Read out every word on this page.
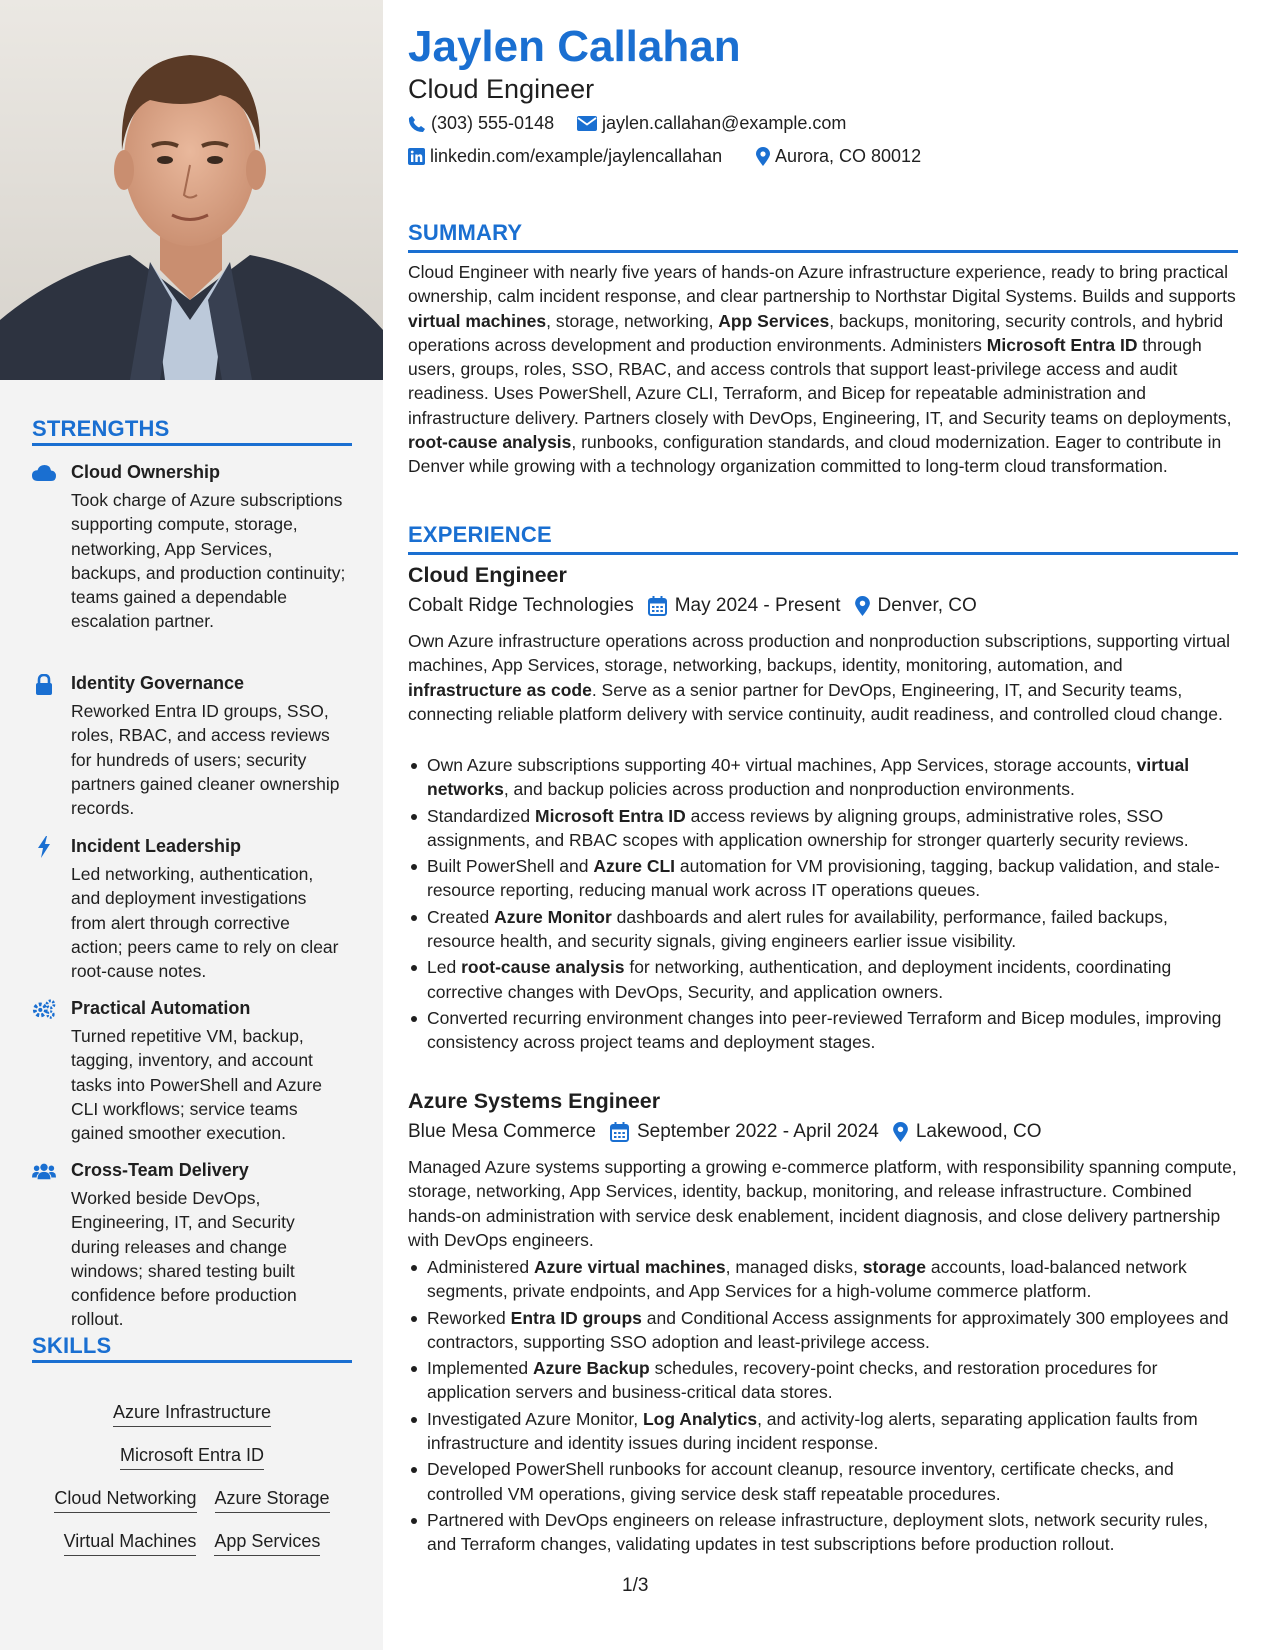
STRENGTHS
Cloud Ownership
Took charge of Azure subscriptions supporting compute, storage, networking, App Services, backups, and production continuity; teams gained a dependable escalation partner.
Identity Governance
Reworked Entra ID groups, SSO, roles, RBAC, and access reviews for hundreds of users; security partners gained cleaner ownership records.
Incident Leadership
Led networking, authentication, and deployment investigations from alert through corrective action; peers came to rely on clear root-cause notes.
Practical Automation
Turned repetitive VM, backup, tagging, inventory, and account tasks into PowerShell and Azure CLI workflows; service teams gained smoother execution.
Cross-Team Delivery
Worked beside DevOps, Engineering, IT, and Security during releases and change windows; shared testing built confidence before production rollout.
SKILLS
Azure Infrastructure
Microsoft Entra ID
Cloud Networking Azure Storage
Virtual Machines App Services
Jaylen Callahan
Cloud Engineer
(303) 555-0148	jaylen.callahan@example.com
linkedin.com/example/jaylencallahan	Aurora, CO 80012
SUMMARY
Cloud Engineer with nearly five years of hands-on Azure infrastructure experience, ready to bring practical ownership, calm incident response, and clear partnership to Northstar Digital Systems. Builds and supports virtual machines, storage, networking, App Services, backups, monitoring, security controls, and hybrid operations across development and production environments. Administers Microsoft Entra ID through users, groups, roles, SSO, RBAC, and access controls that support least-privilege access and audit readiness. Uses PowerShell, Azure CLI, Terraform, and Bicep for repeatable administration and infrastructure delivery. Partners closely with DevOps, Engineering, IT, and Security teams on deployments, root-cause analysis, runbooks, configuration standards, and cloud modernization. Eager to contribute in Denver while growing with a technology organization committed to long-term cloud transformation.
EXPERIENCE
Cloud Engineer
Cobalt Ridge Technologies May 2024 - Present Denver, CO
Own Azure infrastructure operations across production and nonproduction subscriptions, supporting virtual machines, App Services, storage, networking, backups, identity, monitoring, automation, and infrastructure as code. Serve as a senior partner for DevOps, Engineering, IT, and Security teams, connecting reliable platform delivery with service continuity, audit readiness, and controlled cloud change.
Own Azure subscriptions supporting 40+ virtual machines, App Services, storage accounts, virtual networks, and backup policies across production and nonproduction environments.
Standardized Microsoft Entra ID access reviews by aligning groups, administrative roles, SSO assignments, and RBAC scopes with application ownership for stronger quarterly security reviews.
Built PowerShell and Azure CLI automation for VM provisioning, tagging, backup validation, and stale-resource reporting, reducing manual work across IT operations queues.
Created Azure Monitor dashboards and alert rules for availability, performance, failed backups, resource health, and security signals, giving engineers earlier issue visibility.
Led root-cause analysis for networking, authentication, and deployment incidents, coordinating corrective changes with DevOps, Security, and application owners.
Converted recurring environment changes into peer-reviewed Terraform and Bicep modules, improving consistency across project teams and deployment stages.
Azure Systems Engineer
Blue Mesa Commerce September 2022 - April 2024 Lakewood, CO
Managed Azure systems supporting a growing e-commerce platform, with responsibility spanning compute, storage, networking, App Services, identity, backup, monitoring, and release infrastructure. Combined hands-on administration with service desk enablement, incident diagnosis, and close delivery partnership with DevOps engineers.
Administered Azure virtual machines, managed disks, storage accounts, load-balanced network segments, private endpoints, and App Services for a high-volume commerce platform.
Reworked Entra ID groups and Conditional Access assignments for approximately 300 employees and contractors, supporting SSO adoption and least-privilege access.
Implemented Azure Backup schedules, recovery-point checks, and restoration procedures for application servers and business-critical data stores.
Investigated Azure Monitor, Log Analytics, and activity-log alerts, separating application faults from infrastructure and identity issues during incident response.
Developed PowerShell runbooks for account cleanup, resource inventory, certificate checks, and controlled VM operations, giving service desk staff repeatable procedures.
Partnered with DevOps engineers on release infrastructure, deployment slots, network security rules, and Terraform changes, validating updates in test subscriptions before production rollout.
1/3
